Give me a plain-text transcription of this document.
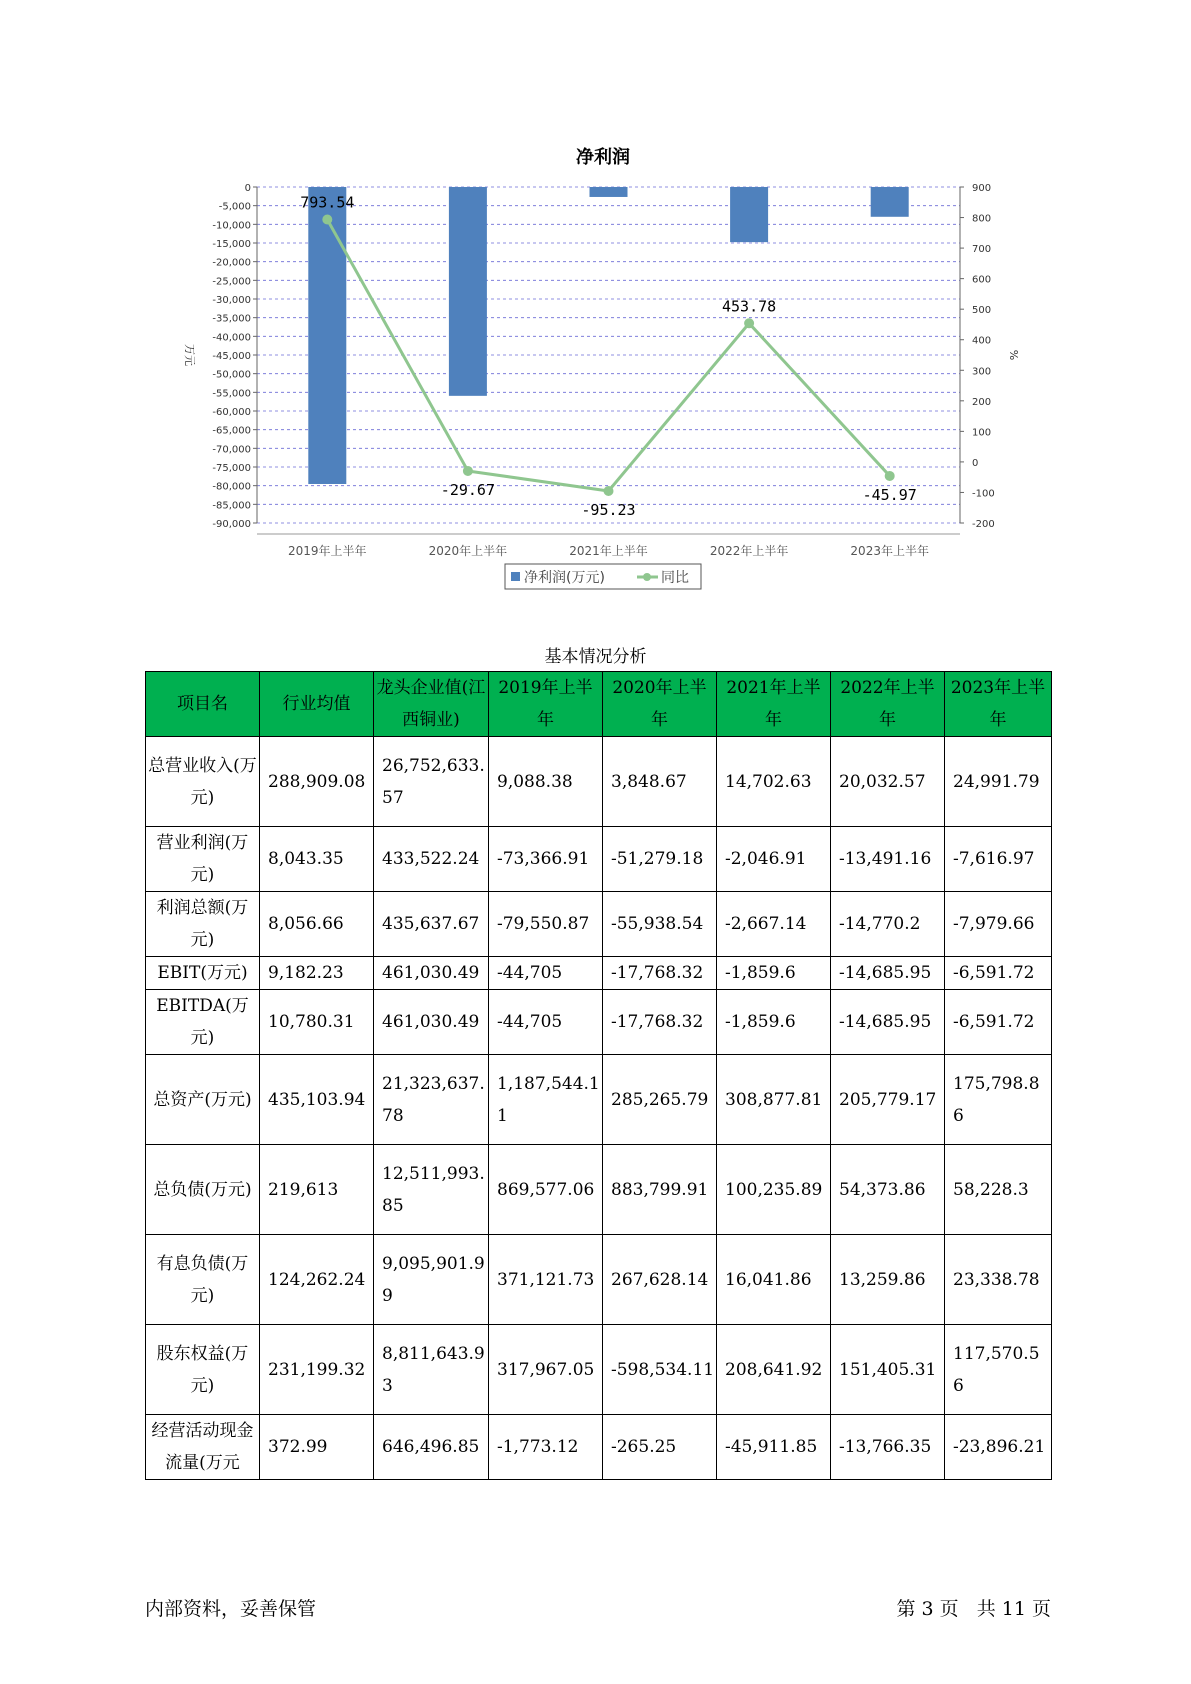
净利润
0
-5,000
-10,000
-15,000
-20,000
-25,000
-30,000
-35,000
-40,000
-45,000
-50,000
-55,000
-60,000
-65,000
-70,000
-75,000
-80,000
-85,000
-90,000
900
800
700
600
500
400
300
200
100
0
-100
-200
万元	%
2019年上半年	2020年上半年	2021年上半年	2022年上半年	2023年上半年
793.54
-29.67
-95.23
453.78
-45.97
净利润(万元)	同比
基本情况分析
项目名	行业均值	龙头企业值(江西铜业)	2019年上半年	2020年上半年	2021年上半年	2022年上半年	2023年上半年
总营业收入(万元)	288,909.08	26,752,633.57	9,088.38	3,848.67	14,702.63	20,032.57	24,991.79
营业利润(万元)	8,043.35	433,522.24	-73,366.91	-51,279.18	-2,046.91	-13,491.16	-7,616.97
利润总额(万元)	8,056.66	435,637.67	-79,550.87	-55,938.54	-2,667.14	-14,770.2	-7,979.66
EBIT(万元)	9,182.23	461,030.49	-44,705	-17,768.32	-1,859.6	-14,685.95	-6,591.72
EBITDA(万元)	10,780.31	461,030.49	-44,705	-17,768.32	-1,859.6	-14,685.95	-6,591.72
总资产(万元)	435,103.94	21,323,637.78	1,187,544.11	285,265.79	308,877.81	205,779.17	175,798.86
总负债(万元)	219,613	12,511,993.85	869,577.06	883,799.91	100,235.89	54,373.86	58,228.3
有息负债(万元)	124,262.24	9,095,901.99	371,121.73	267,628.14	16,041.86	13,259.86	23,338.78
股东权益(万元)	231,199.32	8,811,643.93	317,967.05	-598,534.11	208,641.92	151,405.31	117,570.56
经营活动现金流量(万元	372.99	646,496.85	-1,773.12	-265.25	-45,911.85	-13,766.35	-23,896.21
内部资料，妥善保管	第 3 页   共 11 页
